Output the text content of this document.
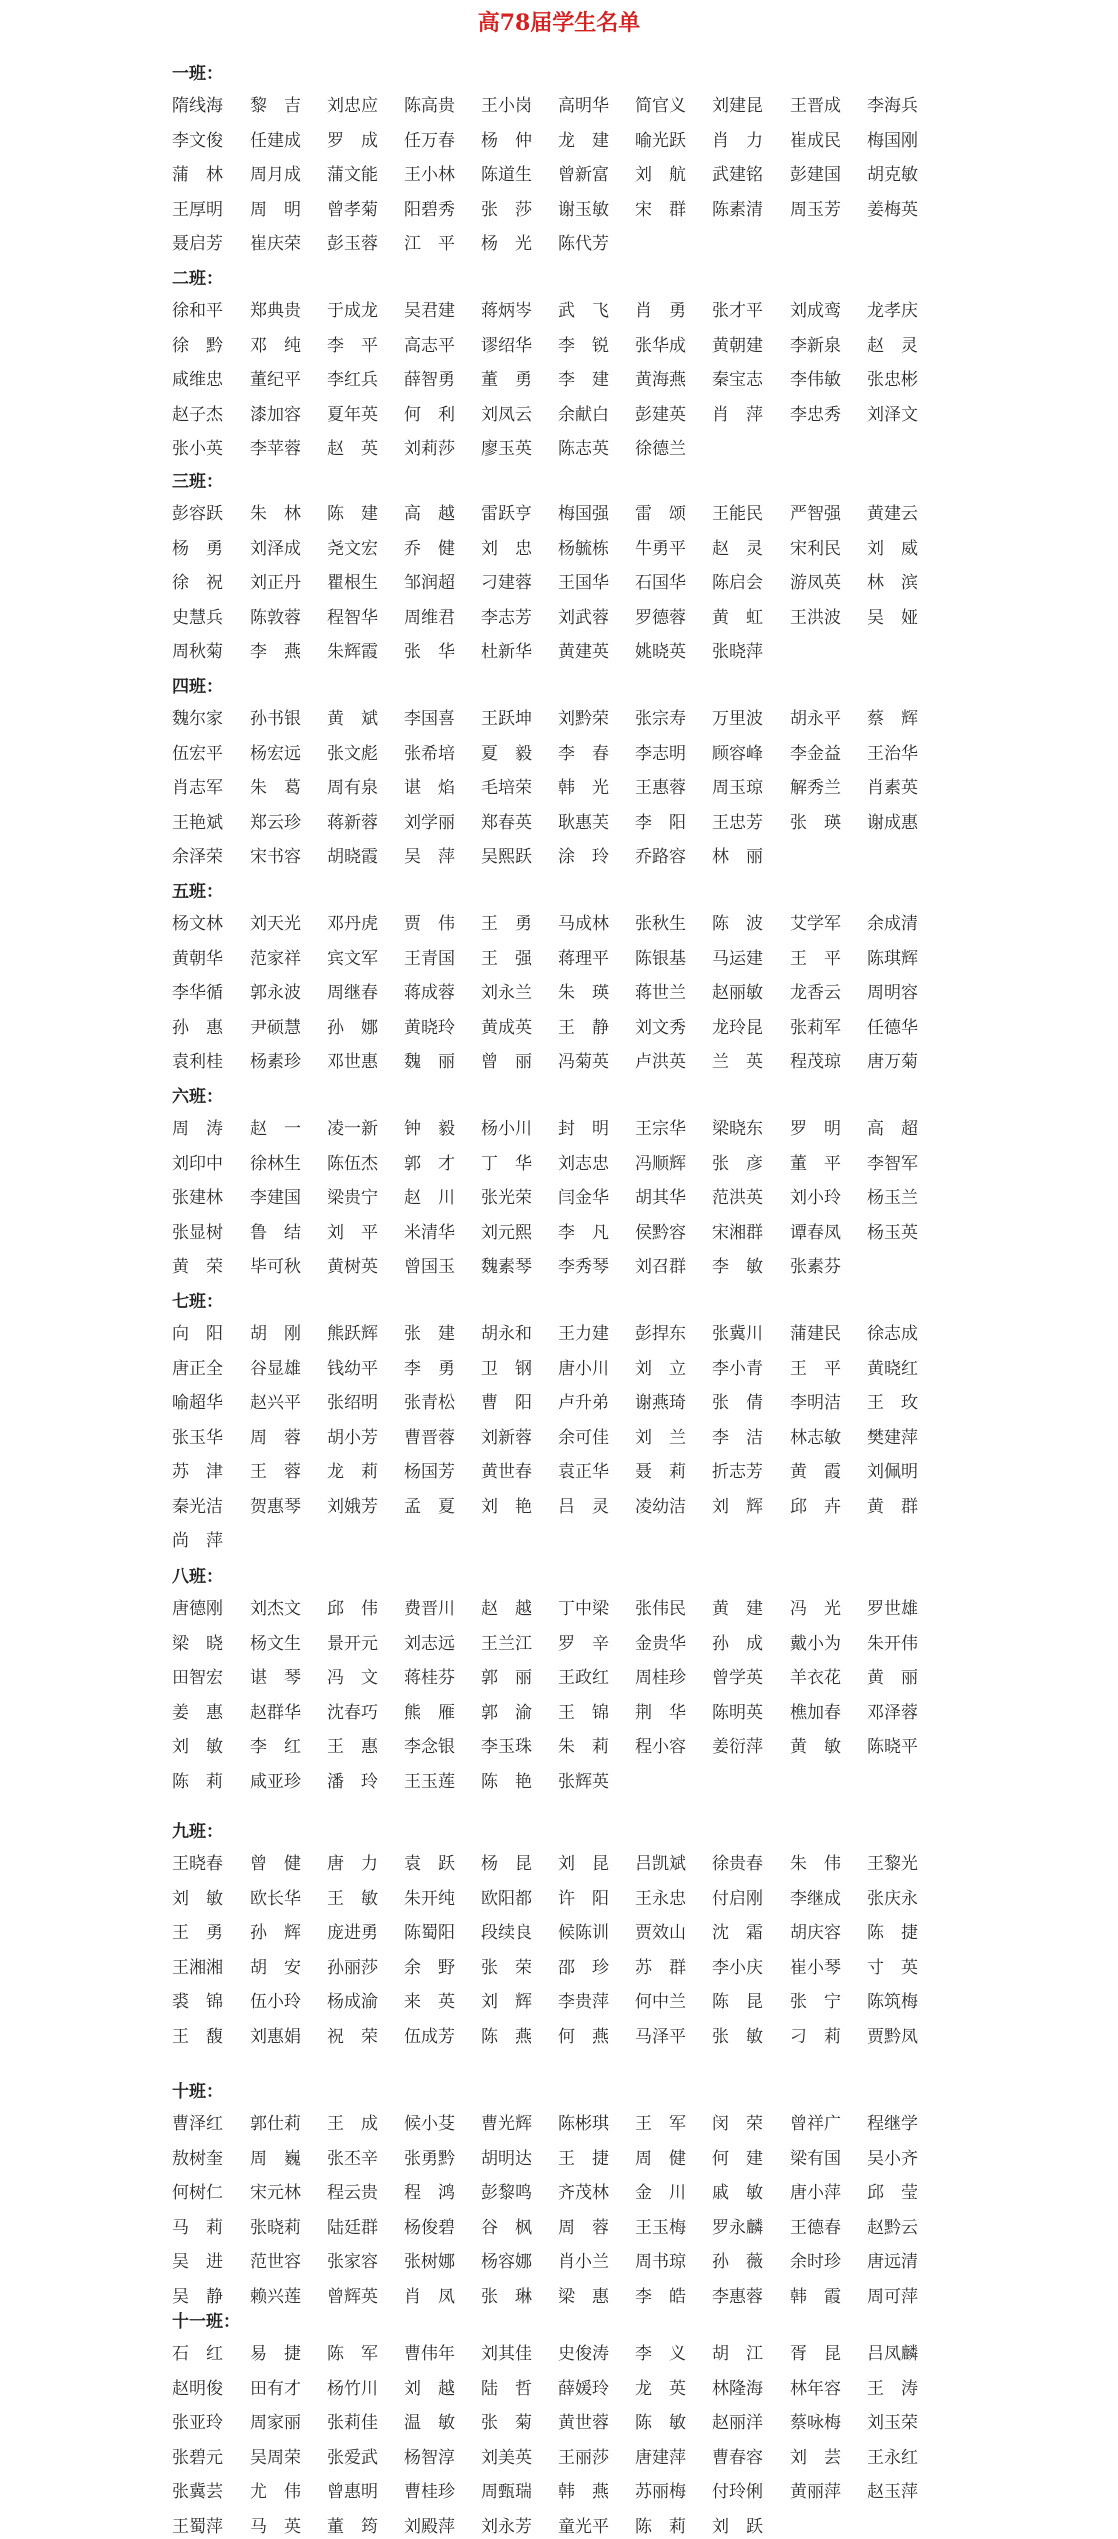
高78届学生名单
一班：
隋线海	黎　吉	刘忠应	陈高贵	王小岗	高明华	简官义	刘建昆	王晋成	李海兵
李文俊	任建成	罗　成	任万春	杨　仲	龙　建	喻光跃	肖　力	崔成民	梅国刚
蒲　林	周月成	蒲文能	王小林	陈道生	曾新富	刘　航	武建铭	彭建国	胡克敏
王厚明	周　明	曾孝菊	阳碧秀	张　莎	谢玉敏	宋　群	陈素清	周玉芳	姜梅英
聂启芳	崔庆荣	彭玉蓉	江　平	杨　光	陈代芳
二班：
徐和平	郑典贵	于成龙	吴君建	蒋炳岑	武　飞	肖　勇	张才平	刘成鸾	龙孝庆
徐　黔	邓　纯	李　平	高志平	谬绍华	李　锐	张华成	黄朝建	李新泉	赵　灵
咸维忠	董纪平	李红兵	薛智勇	董　勇	李　建	黄海燕	秦宝志	李伟敏	张忠彬
赵子杰	漆加容	夏年英	何　利	刘凤云	余献白	彭建英	肖　萍	李忠秀	刘泽文
张小英	李苹蓉	赵　英	刘莉莎	廖玉英	陈志英	徐德兰
三班：
彭容跃	朱　林	陈　建	高　越	雷跃亨	梅国强	雷　颂	王能民	严智强	黄建云
杨　勇	刘泽成	尧文宏	乔　健	刘　忠	杨毓栋	牛勇平	赵　灵	宋利民	刘　威
徐　祝	刘正丹	瞿根生	邹润超	刁建蓉	王国华	石国华	陈启会	游凤英	林　滨
史慧兵	陈敦蓉	程智华	周维君	李志芳	刘武蓉	罗德蓉	黄　虹	王洪波	吴　娅
周秋菊	李　燕	朱辉霞	张　华	杜新华	黄建英	姚晓英	张晓萍
四班：
魏尔家	孙书银	黄　斌	李国喜	王跃坤	刘黔荣	张宗寿	万里波	胡永平	蔡　辉
伍宏平	杨宏远	张文彪	张希培	夏　毅	李　春	李志明	顾容峰	李金益	王治华
肖志军	朱　葛	周有泉	谌　焰	毛培荣	韩　光	王惠蓉	周玉琼	解秀兰	肖素英
王艳斌	郑云珍	蒋新蓉	刘学丽	郑春英	耿惠芙	李　阳	王忠芳	张　瑛	谢成惠
余泽荣	宋书容	胡晓霞	吴　萍	吴熙跃	涂　玲	乔路容	林　丽
五班：
杨文林	刘天光	邓丹虎	贾　伟	王　勇	马成林	张秋生	陈　波	艾学军	余成清
黄朝华	范家祥	宾文军	王青国	王　强	蒋理平	陈银基	马运建	王　平	陈琪辉
李华循	郭永波	周继春	蒋成蓉	刘永兰	朱　瑛	蒋世兰	赵丽敏	龙香云	周明容
孙　惠	尹硕慧	孙　娜	黄晓玲	黄成英	王　静	刘文秀	龙玲昆	张莉军	任德华
袁利桂	杨素珍	邓世惠	魏　丽	曾　丽	冯菊英	卢洪英	兰　英	程茂琼	唐万菊
六班：
周　涛	赵　一	凌一新	钟　毅	杨小川	封　明	王宗华	梁晓东	罗　明	高　超
刘印中	徐林生	陈伍杰	郭　才	丁　华	刘志忠	冯顺辉	张　彦	董　平	李智军
张建林	李建国	梁贵宁	赵　川	张光荣	闫金华	胡其华	范洪英	刘小玲	杨玉兰
张显树	鲁　结	刘　平	米清华	刘元熙	李　凡	侯黔容	宋湘群	谭春凤	杨玉英
黄　荣	毕可秋	黄树英	曾国玉	魏素琴	李秀琴	刘召群	李　敏	张素芬
七班：
向　阳	胡　刚	熊跃辉	张　建	胡永和	王力建	彭捍东	张冀川	蒲建民	徐志成
唐正全	谷显雄	钱幼平	李　勇	卫　钢	唐小川	刘　立	李小青	王　平	黄晓红
喻超华	赵兴平	张绍明	张青松	曹　阳	卢升弟	谢燕琦	张　倩	李明洁	王　玫
张玉华	周　蓉	胡小芳	曹晋蓉	刘新蓉	余可佳	刘　兰	李　洁	林志敏	樊建萍
苏　津	王　蓉	龙　莉	杨国芳	黄世春	袁正华	聂　莉	折志芳	黄　霞	刘佩明
秦光洁	贺惠琴	刘娥芳	孟　夏	刘　艳	吕　灵	凌幼洁	刘　辉	邱　卉	黄　群
尚　萍
八班：
唐德刚	刘杰文	邱　伟	费晋川	赵　越	丁中梁	张伟民	黄　建	冯　光	罗世雄
梁　晓	杨文生	景开元	刘志远	王兰江	罗　辛	金贵华	孙　成	戴小为	朱开伟
田智宏	谌　琴	冯　文	蒋桂芬	郭　丽	王政红	周桂珍	曾学英	羊衣花	黄　丽
姜　惠	赵群华	沈春巧	熊　雁	郭　渝	王　锦	荆　华	陈明英	樵加春	邓泽蓉
刘　敏	李　红	王　惠	李念银	李玉珠	朱　莉	程小容	姜衍萍	黄　敏	陈晓平
陈　莉	咸亚珍	潘　玲	王玉莲	陈　艳	张辉英
九班：
王晓春	曾　健	唐　力	袁　跃	杨　昆	刘　昆	吕凯斌	徐贵春	朱　伟	王黎光
刘　敏	欧长华	王　敏	朱开纯	欧阳都	许　阳	王永忠	付启刚	李继成	张庆永
王　勇	孙　辉	庞进勇	陈蜀阳	段续良	候陈训	贾效山	沈　霜	胡庆容	陈　捷
王湘湘	胡　安	孙丽莎	余　野	张　荣	邵　珍	苏　群	李小庆	崔小琴	寸　英
裘　锦	伍小玲	杨成渝	来　英	刘　辉	李贵萍	何中兰	陈　昆	张　宁	陈筑梅
王　馥	刘惠娟	祝　荣	伍成芳	陈　燕	何　燕	马泽平	张　敏	刁　莉	贾黔凤
十班：
曹泽红	郭仕莉	王　成	候小芟	曹光辉	陈彬琪	王　军	闵　荣	曾祥广	程继学
敖树奎	周　巍	张丕辛	张勇黔	胡明达	王　捷	周　健	何　建	梁有国	吴小齐
何树仁	宋元林	程云贵	程　鸿	彭黎鸣	齐茂林	金　川	戚　敏	唐小萍	邱　莹
马　莉	张晓莉	陆廷群	杨俊碧	谷　枫	周　蓉	王玉梅	罗永麟	王德春	赵黔云
吴　进	范世容	张家容	张树娜	杨容娜	肖小兰	周书琼	孙　薇	余时珍	唐远清
吴　静	赖兴莲	曾辉英	肖　凤	张　琳	梁　惠	李　皓	李惠蓉	韩　霞	周可萍
十一班：
石　红	易　捷	陈　军	曹伟年	刘其佳	史俊涛	李　义	胡　江	胥　昆	吕凤麟
赵明俊	田有才	杨竹川	刘　越	陆　哲	薛媛玲	龙　英	林隆海	林年容	王　涛
张亚玲	周家丽	张莉佳	温　敏	张　菊	黄世蓉	陈　敏	赵丽洋	蔡咏梅	刘玉荣
张碧元	吴周荣	张爱武	杨智淳	刘美英	王丽莎	唐建萍	曹春容	刘　芸	王永红
张冀芸	尤　伟	曾惠明	曹桂珍	周甄瑞	韩　燕	苏丽梅	付玲俐	黄丽萍	赵玉萍
王蜀萍	马　英	董　筠	刘殿萍	刘永芳	童光平	陈　莉	刘　跃
